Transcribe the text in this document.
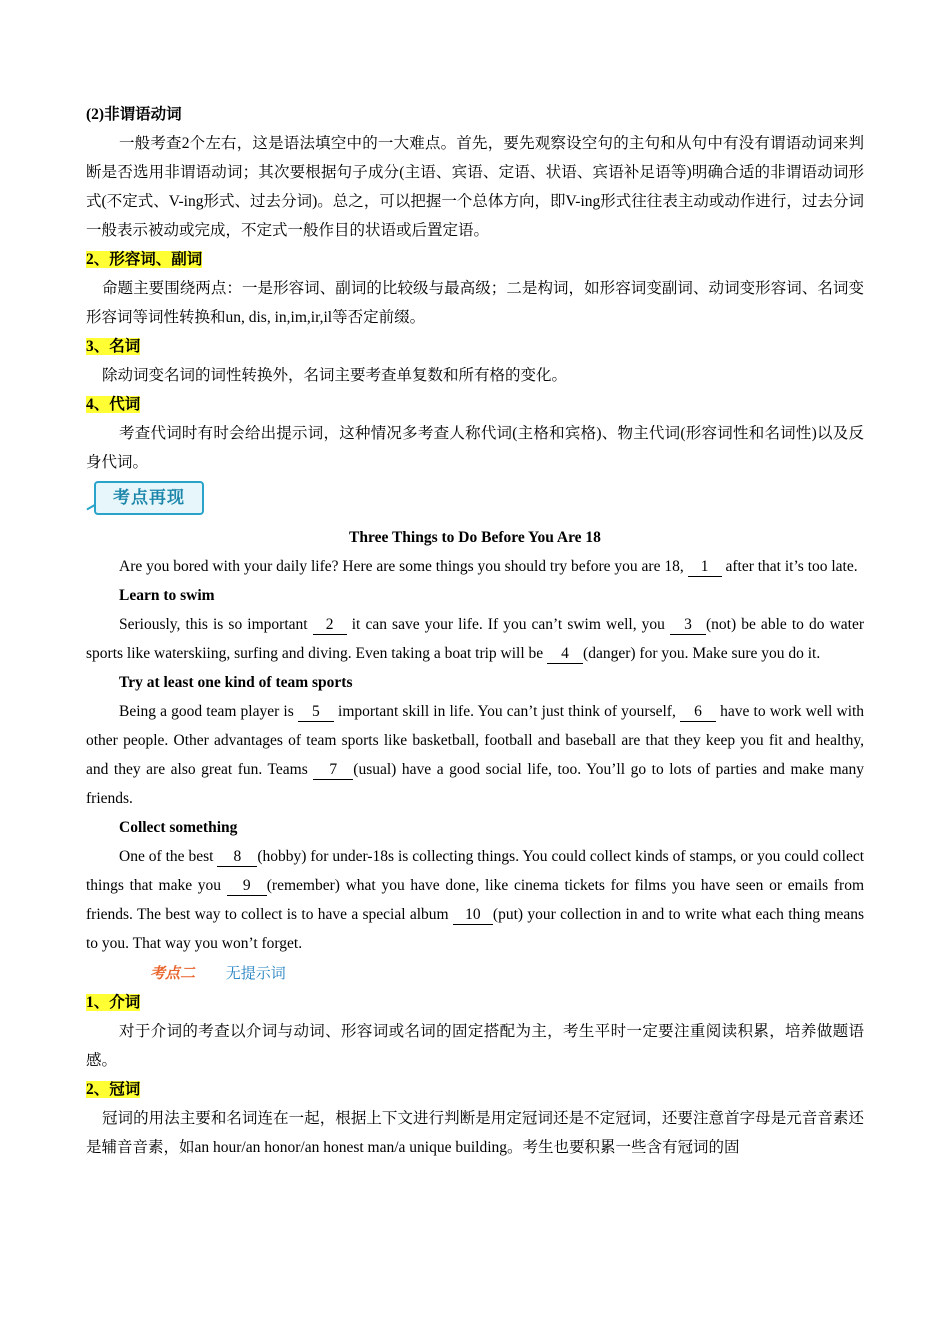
(2)非谓语动词

一般考查2个左右，这是语法填空中的一大难点。首先，要先观察设空句的主句和从句中有没有谓语动词来判断是否选用非谓语动词；其次要根据句子成分(主语、宾语、定语、状语、宾语补足语等)明确合适的非谓语动词形式(不定式、V-ing形式、过去分词)。总之，可以把握一个总体方向，即V-ing形式往往表主动或动作进行，过去分词一般表示被动或完成，不定式一般作目的状语或后置定语。

2、形容词、副词

命题主要围绕两点：一是形容词、副词的比较级与最高级；二是构词，如形容词变副词、动词变形容词、名词变形容词等词性转换和un, dis, in,im,ir,il等否定前缀。

3、名词

除动词变名词的词性转换外，名词主要考查单复数和所有格的变化。

4、代词

考查代词时有时会给出提示词，这种情况多考查人称代词(主格和宾格)、物主代词(形容词性和名词性)以及反身代词。

考点再现

Three Things to Do Before You Are 18

Are you bored with your daily life? Here are some things you should try before you are 18, 1 after that it’s too late.

Learn to swim

Seriously, this is so important 2 it can save your life. If you can’t swim well, you 3 (not) be able to do water sports like waterskiing, surfing and diving. Even taking a boat trip will be 4 (danger) for you. Make sure you do it.

Try at least one kind of team sports

Being a good team player is 5 important skill in life. You can’t just think of yourself, 6 have to work well with other people. Other advantages of team sports like basketball, football and baseball are that they keep you fit and healthy, and they are also great fun. Teams 7 (usual) have a good social life, too. You’ll go to lots of parties and make many friends.

Collect something

One of the best 8 (hobby) for under-18s is collecting things. You could collect kinds of stamps, or you could collect things that make you 9 (remember) what you have done, like cinema tickets for films you have seen or emails from friends. The best way to collect is to have a special album 10 (put) your collection in and to write what each thing means to you. That way you won’t forget.

考点二 无提示词

1、介词

对于介词的考查以介词与动词、形容词或名词的固定搭配为主，考生平时一定要注重阅读积累，培养做题语感。

2、冠词

冠词的用法主要和名词连在一起，根据上下文进行判断是用定冠词还是不定冠词，还要注意首字母是元音音素还是辅音音素，如an hour/an honor/an honest man/a unique building。考生也要积累一些含有冠词的固
